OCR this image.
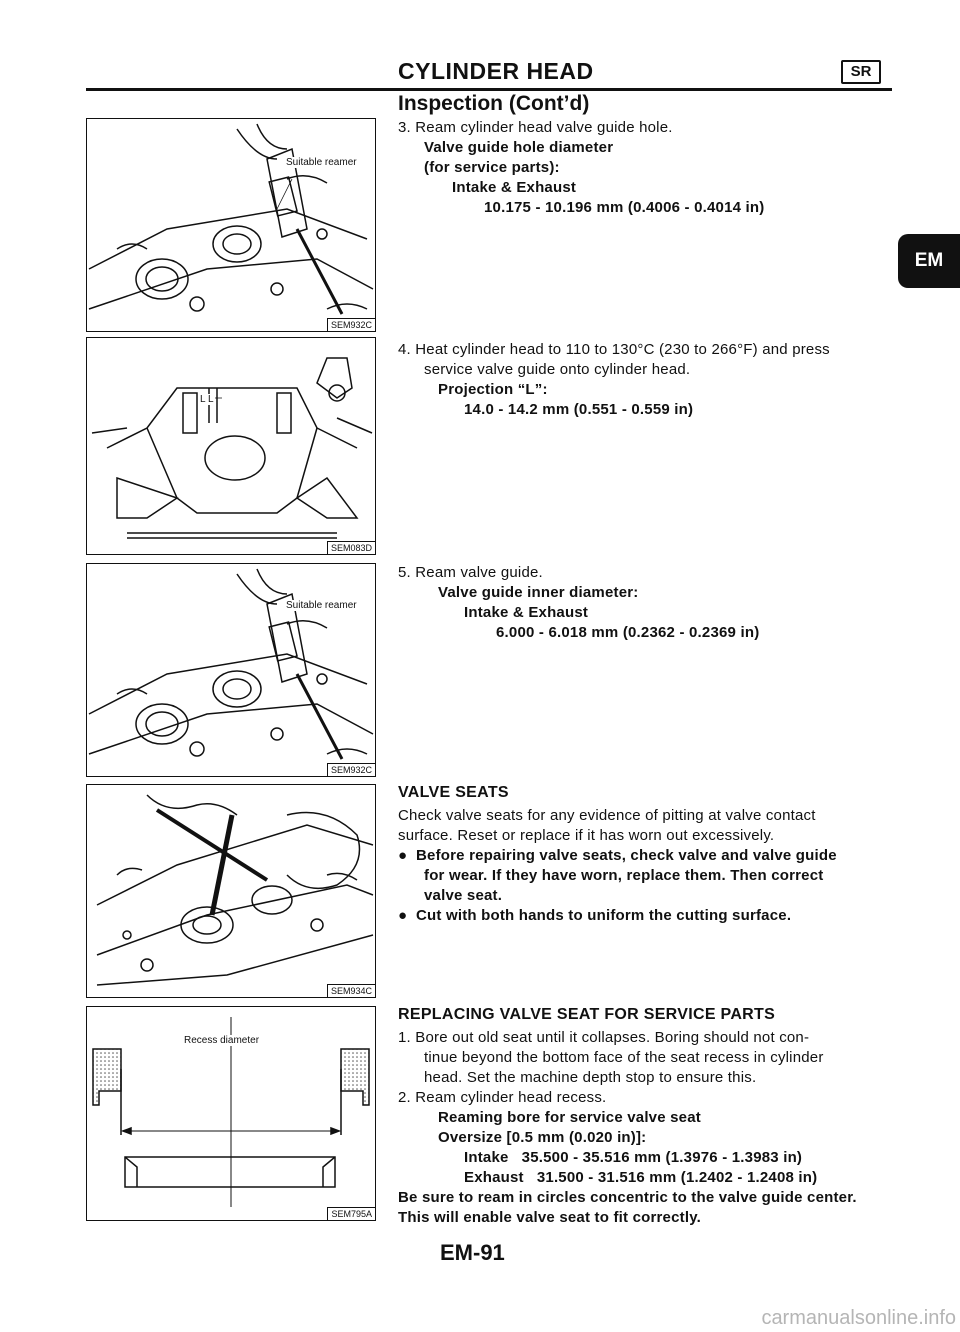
CYLINDER HEAD	SR
Inspection (Cont’d)
EM
Suitable reamer
SEM932C
L L
SEM083D
Suitable reamer
SEM932C
SEM934C
Recess diameter
SEM795A
3. Ream cylinder head valve guide hole.
Valve guide hole diameter
(for service parts):
Intake & Exhaust
10.175 - 10.196 mm (0.4006 - 0.4014 in)
4. Heat cylinder head to 110 to 130°C (230 to 266°F) and press
service valve guide onto cylinder head.
Projection “L”:
14.0 - 14.2 mm (0.551 - 0.559 in)
5. Ream valve guide.
Valve guide inner diameter:
Intake & Exhaust
6.000 - 6.018 mm (0.2362 - 0.2369 in)
VALVE SEATS
Check valve seats for any evidence of pitting at valve contact
surface. Reset or replace if it has worn out excessively.
●  Before repairing valve seats, check valve and valve guide
for wear. If they have worn, replace them. Then correct
valve seat.
●  Cut with both hands to uniform the cutting surface.
REPLACING VALVE SEAT FOR SERVICE PARTS
1. Bore out old seat until it collapses. Boring should not con-
tinue beyond the bottom face of the seat recess in cylinder
head. Set the machine depth stop to ensure this.
2. Ream cylinder head recess.
Reaming bore for service valve seat
Oversize [0.5 mm (0.020 in)]:
Intake   35.500 - 35.516 mm (1.3976 - 1.3983 in)
Exhaust   31.500 - 31.516 mm (1.2402 - 1.2408 in)
Be sure to ream in circles concentric to the valve guide center.
This will enable valve seat to fit correctly.
EM-91
carmanualsonline.info
